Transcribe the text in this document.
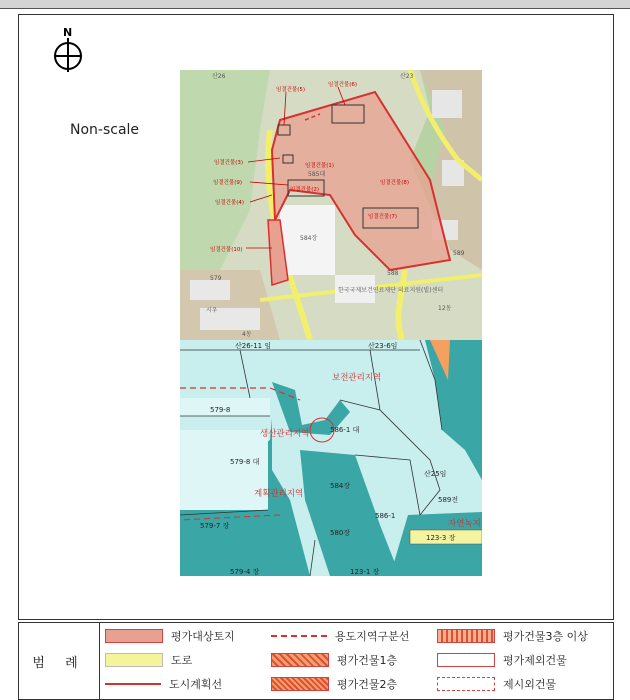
N
Non-scale
임결건물(5)
임결건물(6)
임결건물(3)	임결건물(1)
임결건물(9)
임결건물(2)
임결건물(8)
임결건물(4)
임결건물(7)
임결건물(10)
585대
584장
579
589
588
한국국제보건연료재단 의료지원(빌)센터
산23
산26
시우
4동
12동
산26-11 임	산23-6임
586-1 대
579-8 대
579-7 장
579-4 장
584장
580장
589전
산25임
123-1 장
123-3 장
579-8
586-1
보전관리지역
생산관리지역
계획관리지역
자연녹지
범 례
평가대상토지
도로
도시계획선
용도지역구분선
평가건물1층
평가건물2층
평가건물3층 이상
평가제외건물
제시외건물
